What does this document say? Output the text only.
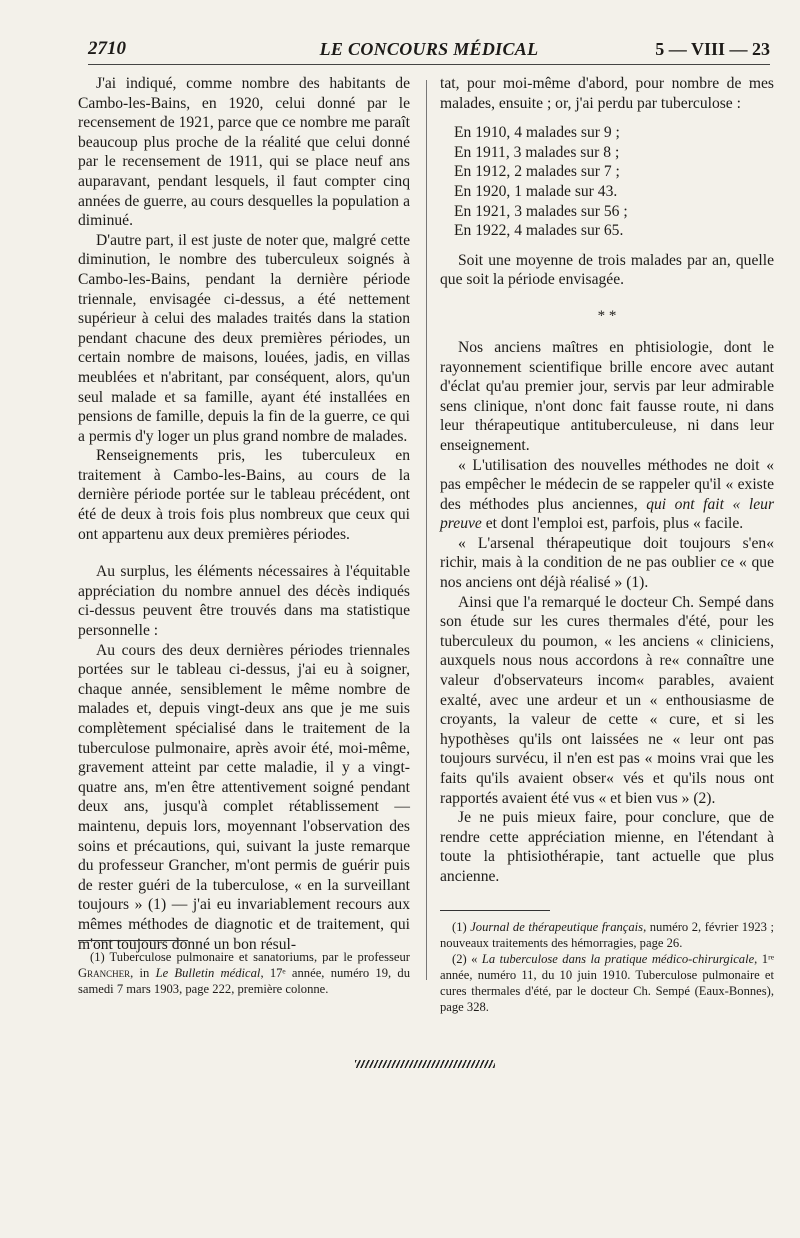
2710	LE CONCOURS MÉDICAL	5 — VIII — 23

J'ai indiqué, comme nombre des habitants de Cambo-les-Bains, en 1920, celui donné par le recensement de 1921, parce que ce nombre me paraît beaucoup plus proche de la réalité que celui donné par le recensement de 1911, qui se place neuf ans auparavant, pendant lesquels, il faut compter cinq années de guerre, au cours desquelles la population a diminué.

D'autre part, il est juste de noter que, malgré cette diminution, le nombre des tuberculeux soignés à Cambo-les-Bains, pendant la dernière période triennale, envisagée ci-dessus, a été nettement supérieur à celui des malades traités dans la station pendant chacune des deux premières périodes, un certain nombre de maisons, louées, jadis, en villas meublées et n'abritant, par conséquent, alors, qu'un seul malade et sa famille, ayant été installées en pensions de famille, depuis la fin de la guerre, ce qui a permis d'y loger un plus grand nombre de malades.

Renseignements pris, les tuberculeux en traitement à Cambo-les-Bains, au cours de la dernière période portée sur le tableau précédent, ont été de deux à trois fois plus nombreux que ceux qui ont appartenu aux deux premières périodes.

Au surplus, les éléments nécessaires à l'équitable appréciation du nombre annuel des décès indiqués ci-dessus peuvent être trouvés dans ma statistique personnelle :

Au cours des deux dernières périodes triennales portées sur le tableau ci-dessus, j'ai eu à soigner, chaque année, sensiblement le même nombre de malades et, depuis vingt-deux ans que je me suis complètement spécialisé dans le traitement de la tuberculose pulmonaire, après avoir été, moi-même, gravement atteint par cette maladie, il y a vingt-quatre ans, m'en être attentivement soigné pendant deux ans, jusqu'à complet rétablissement — maintenu, depuis lors, moyennant l'observation des soins et précautions, qui, suivant la juste remarque du professeur Grancher, m'ont permis de guérir puis de rester guéri de la tuberculose, « en la surveillant toujours » (1) — j'ai eu invariablement recours aux mêmes méthodes de diagnotic et de traitement, qui m'ont toujours donné un bon résul-

(1) Tuberculose pulmonaire et sanatoriums, par le professeur Grancher, in Le Bulletin médical, 17ᵉ année, numéro 19, du samedi 7 mars 1903, page 222, première colonne.

tat, pour moi-même d'abord, pour nombre de mes malades, ensuite ; or, j'ai perdu par tuberculose :

En 1910, 4 malades sur 9 ;

En 1911, 3 malades sur 8 ;

En 1912, 2 malades sur 7 ;

En 1920, 1 malade sur 43.

En 1921, 3 malades sur 56 ;

En 1922, 4 malades sur 65.

Soit une moyenne de trois malades par an, quelle que soit la période envisagée.

* *

Nos anciens maîtres en phtisiologie, dont le rayonnement scientifique brille encore avec autant d'éclat qu'au premier jour, servis par leur admirable sens clinique, n'ont donc fait fausse route, ni dans leur thérapeutique antituberculeuse, ni dans leur enseignement.

« L'utilisation des nouvelles méthodes ne doit « pas empêcher le médecin de se rappeler qu'il « existe des méthodes plus anciennes, qui ont fait « leur preuve et dont l'emploi est, parfois, plus « facile.

« L'arsenal thérapeutique doit toujours s'en« richir, mais à la condition de ne pas oublier ce « que nos anciens ont déjà réalisé » (1).

Ainsi que l'a remarqué le docteur Ch. Sempé dans son étude sur les cures thermales d'été, pour les tuberculeux du poumon, « les anciens « cliniciens, auxquels nous nous accordons à re« connaître une valeur d'observateurs incom« parables, avaient exalté, avec une ardeur et un « enthousiasme de croyants, la valeur de cette « cure, et si les hypothèses qu'ils ont laissées ne « leur ont pas toujours survécu, il n'en est pas « moins vrai que les faits qu'ils avaient obser« vés et qu'ils nous ont rapportés avaient été vus « et bien vus » (2).

Je ne puis mieux faire, pour conclure, que de rendre cette appréciation mienne, en l'étendant à toute la phtisiothérapie, tant actuelle que plus ancienne.

(1) Journal de thérapeutique français, numéro 2, février 1923 ; nouveaux traitements des hémorragies, page 26.

(2) « La tuberculose dans la pratique médico-chirurgicale, 1ʳᵉ année, numéro 11, du 10 juin 1910. Tuberculose pulmonaire et cures thermales d'été, par le docteur Ch. Sempé (Eaux-Bonnes), page 328.
